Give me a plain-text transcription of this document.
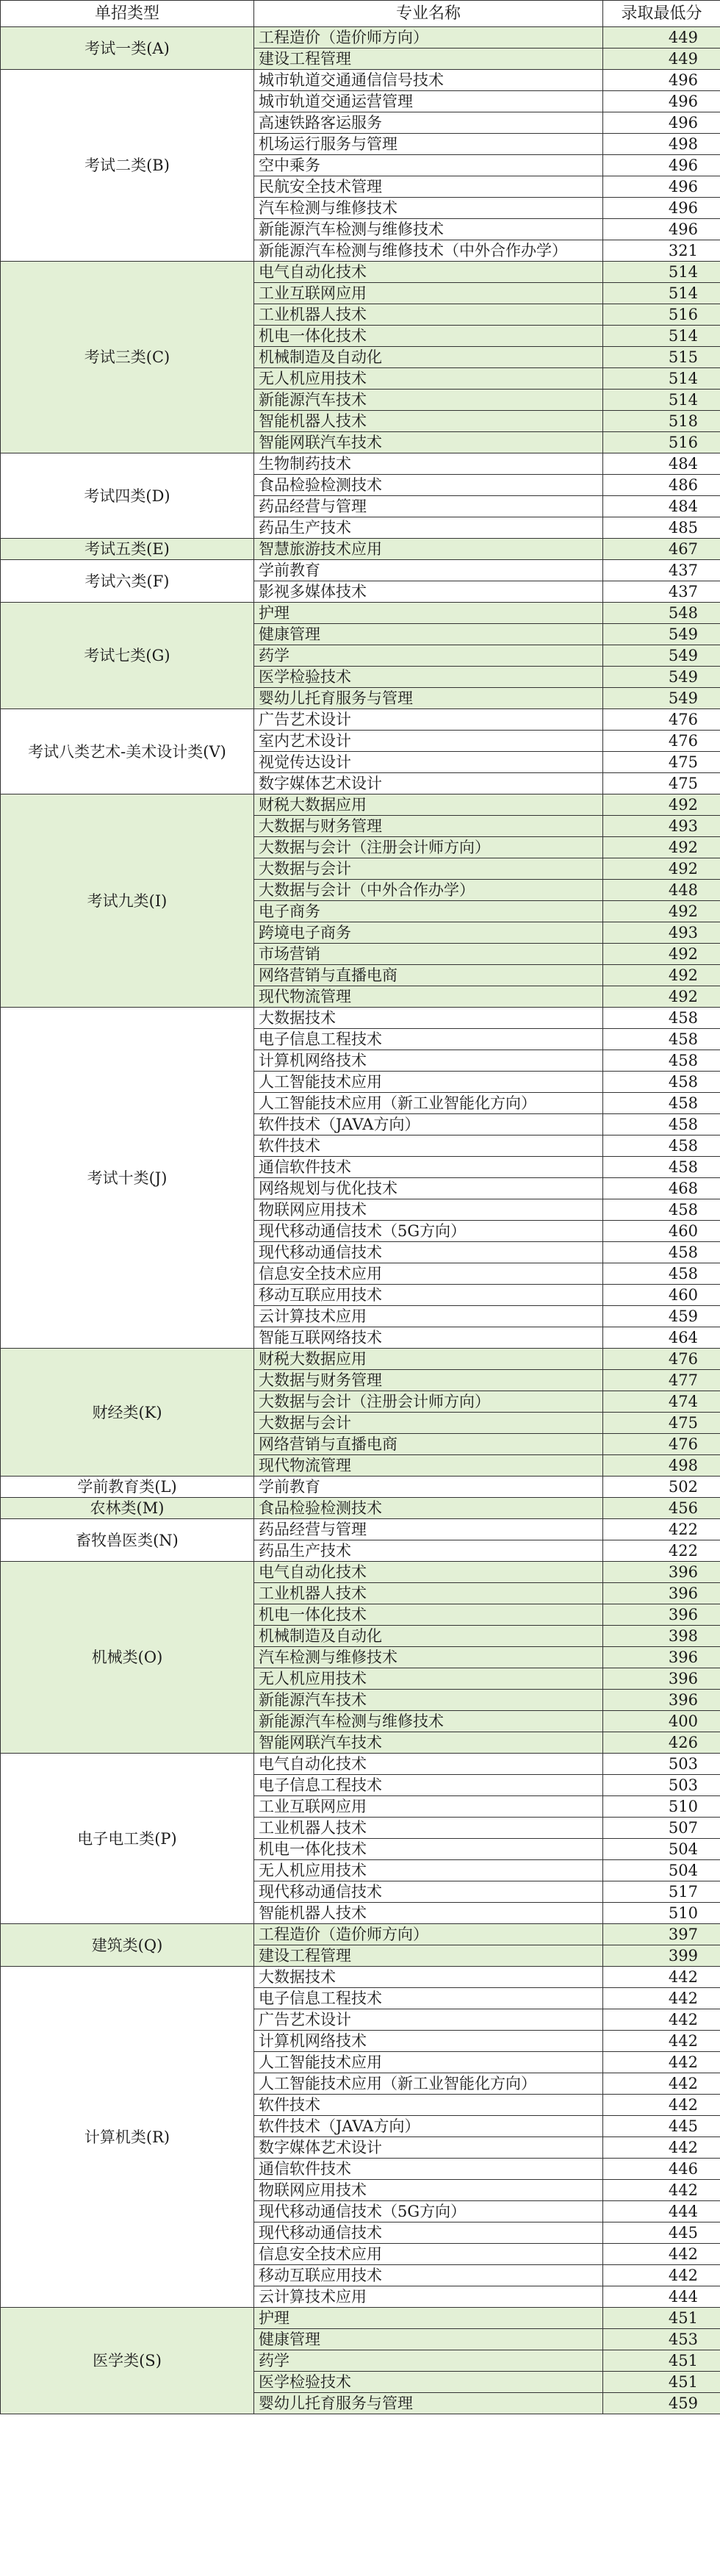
单招类型	专业名称	录取最低分
考试一类(A)	工程造价（造价师方向）	449
	建设工程管理	449
考试二类(B)	城市轨道交通通信信号技术	496
	城市轨道交通运营管理	496
	高速铁路客运服务	496
	机场运行服务与管理	498
	空中乘务	496
	民航安全技术管理	496
	汽车检测与维修技术	496
	新能源汽车检测与维修技术	496
	新能源汽车检测与维修技术（中外合作办学）	321
考试三类(C)	电气自动化技术	514
	工业互联网应用	514
	工业机器人技术	516
	机电一体化技术	514
	机械制造及自动化	515
	无人机应用技术	514
	新能源汽车技术	514
	智能机器人技术	518
	智能网联汽车技术	516
考试四类(D)	生物制药技术	484
	食品检验检测技术	486
	药品经营与管理	484
	药品生产技术	485
考试五类(E)	智慧旅游技术应用	467
考试六类(F)	学前教育	437
	影视多媒体技术	437
考试七类(G)	护理	548
	健康管理	549
	药学	549
	医学检验技术	549
	婴幼儿托育服务与管理	549
考试八类艺术-美术设计类(V)	广告艺术设计	476
	室内艺术设计	476
	视觉传达设计	475
	数字媒体艺术设计	475
考试九类(I)	财税大数据应用	492
	大数据与财务管理	493
	大数据与会计（注册会计师方向）	492
	大数据与会计	492
	大数据与会计（中外合作办学）	448
	电子商务	492
	跨境电子商务	493
	市场营销	492
	网络营销与直播电商	492
	现代物流管理	492
考试十类(J)	大数据技术	458
	电子信息工程技术	458
	计算机网络技术	458
	人工智能技术应用	458
	人工智能技术应用（新工业智能化方向）	458
	软件技术（JAVA方向）	458
	软件技术	458
	通信软件技术	458
	网络规划与优化技术	468
	物联网应用技术	458
	现代移动通信技术（5G方向）	460
	现代移动通信技术	458
	信息安全技术应用	458
	移动互联应用技术	460
	云计算技术应用	459
	智能互联网络技术	464
财经类(K)	财税大数据应用	476
	大数据与财务管理	477
	大数据与会计（注册会计师方向）	474
	大数据与会计	475
	网络营销与直播电商	476
	现代物流管理	498
学前教育类(L)	学前教育	502
农林类(M)	食品检验检测技术	456
畜牧兽医类(N)	药品经营与管理	422
	药品生产技术	422
机械类(O)	电气自动化技术	396
	工业机器人技术	396
	机电一体化技术	396
	机械制造及自动化	398
	汽车检测与维修技术	396
	无人机应用技术	396
	新能源汽车技术	396
	新能源汽车检测与维修技术	400
	智能网联汽车技术	426
电子电工类(P)	电气自动化技术	503
	电子信息工程技术	503
	工业互联网应用	510
	工业机器人技术	507
	机电一体化技术	504
	无人机应用技术	504
	现代移动通信技术	517
	智能机器人技术	510
建筑类(Q)	工程造价（造价师方向）	397
	建设工程管理	399
计算机类(R)	大数据技术	442
	电子信息工程技术	442
	广告艺术设计	442
	计算机网络技术	442
	人工智能技术应用	442
	人工智能技术应用（新工业智能化方向）	442
	软件技术	442
	软件技术（JAVA方向）	445
	数字媒体艺术设计	442
	通信软件技术	446
	物联网应用技术	442
	现代移动通信技术（5G方向）	444
	现代移动通信技术	445
	信息安全技术应用	442
	移动互联应用技术	442
	云计算技术应用	444
医学类(S)	护理	451
	健康管理	453
	药学	451
	医学检验技术	451
	婴幼儿托育服务与管理	459
